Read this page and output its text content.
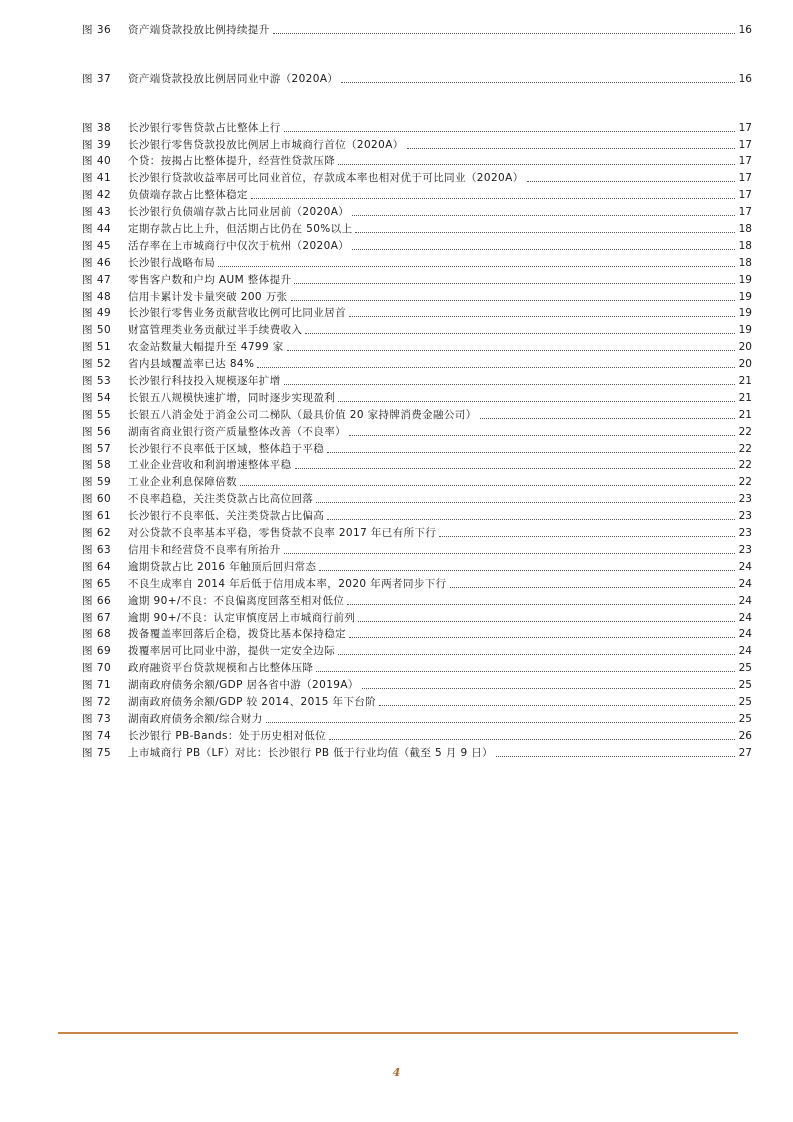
图 36	资产端贷款投放比例持续提升	16
图 37	资产端贷款投放比例居同业中游（2020A）	16
图 38	长沙银行零售贷款占比整体上行	17
图 39	长沙银行零售贷款投放比例居上市城商行首位（2020A）	17
图 40	个贷：按揭占比整体提升，经营性贷款压降	17
图 41	长沙银行贷款收益率居可比同业首位，存款成本率也相对优于可比同业（2020A）	17
图 42	负债端存款占比整体稳定	17
图 43	长沙银行负债端存款占比同业居前（2020A）	17
图 44	定期存款占比上升，但活期占比仍在 50%以上	18
图 45	活存率在上市城商行中仅次于杭州（2020A）	18
图 46	长沙银行战略布局	18
图 47	零售客户数和户均 AUM 整体提升	19
图 48	信用卡累计发卡量突破 200 万张	19
图 49	长沙银行零售业务贡献营收比例可比同业居首	19
图 50	财富管理类业务贡献过半手续费收入	19
图 51	农金站数量大幅提升至 4799 家	20
图 52	省内县域覆盖率已达 84%	20
图 53	长沙银行科技投入规模逐年扩增	21
图 54	长银五八规模快速扩增，同时逐步实现盈利	21
图 55	长银五八消金处于消金公司二梯队（最具价值 20 家持牌消费金融公司）	21
图 56	湖南省商业银行资产质量整体改善（不良率）	22
图 57	长沙银行不良率低于区域，整体趋于平稳	22
图 58	工业企业营收和利润增速整体平稳	22
图 59	工业企业利息保障倍数	22
图 60	不良率趋稳，关注类贷款占比高位回落	23
图 61	长沙银行不良率低、关注类贷款占比偏高	23
图 62	对公贷款不良率基本平稳，零售贷款不良率 2017 年已有所下行	23
图 63	信用卡和经营贷不良率有所抬升	23
图 64	逾期贷款占比 2016 年触顶后回归常态	24
图 65	不良生成率自 2014 年后低于信用成本率，2020 年两者同步下行	24
图 66	逾期 90+/不良：不良偏离度回落至相对低位	24
图 67	逾期 90+/不良：认定审慎度居上市城商行前列	24
图 68	拨备覆盖率回落后企稳，拨贷比基本保持稳定	24
图 69	拨覆率居可比同业中游，提供一定安全边际	24
图 70	政府融资平台贷款规模和占比整体压降	25
图 71	湖南政府债务余额/GDP 居各省中游（2019A）	25
图 72	湖南政府债务余额/GDP 较 2014、2015 年下台阶	25
图 73	湖南政府债务余额/综合财力	25
图 74	长沙银行 PB-Bands：处于历史相对低位	26
图 75	上市城商行 PB（LF）对比：长沙银行 PB 低于行业均值（截至 5 月 9 日）	27
4
